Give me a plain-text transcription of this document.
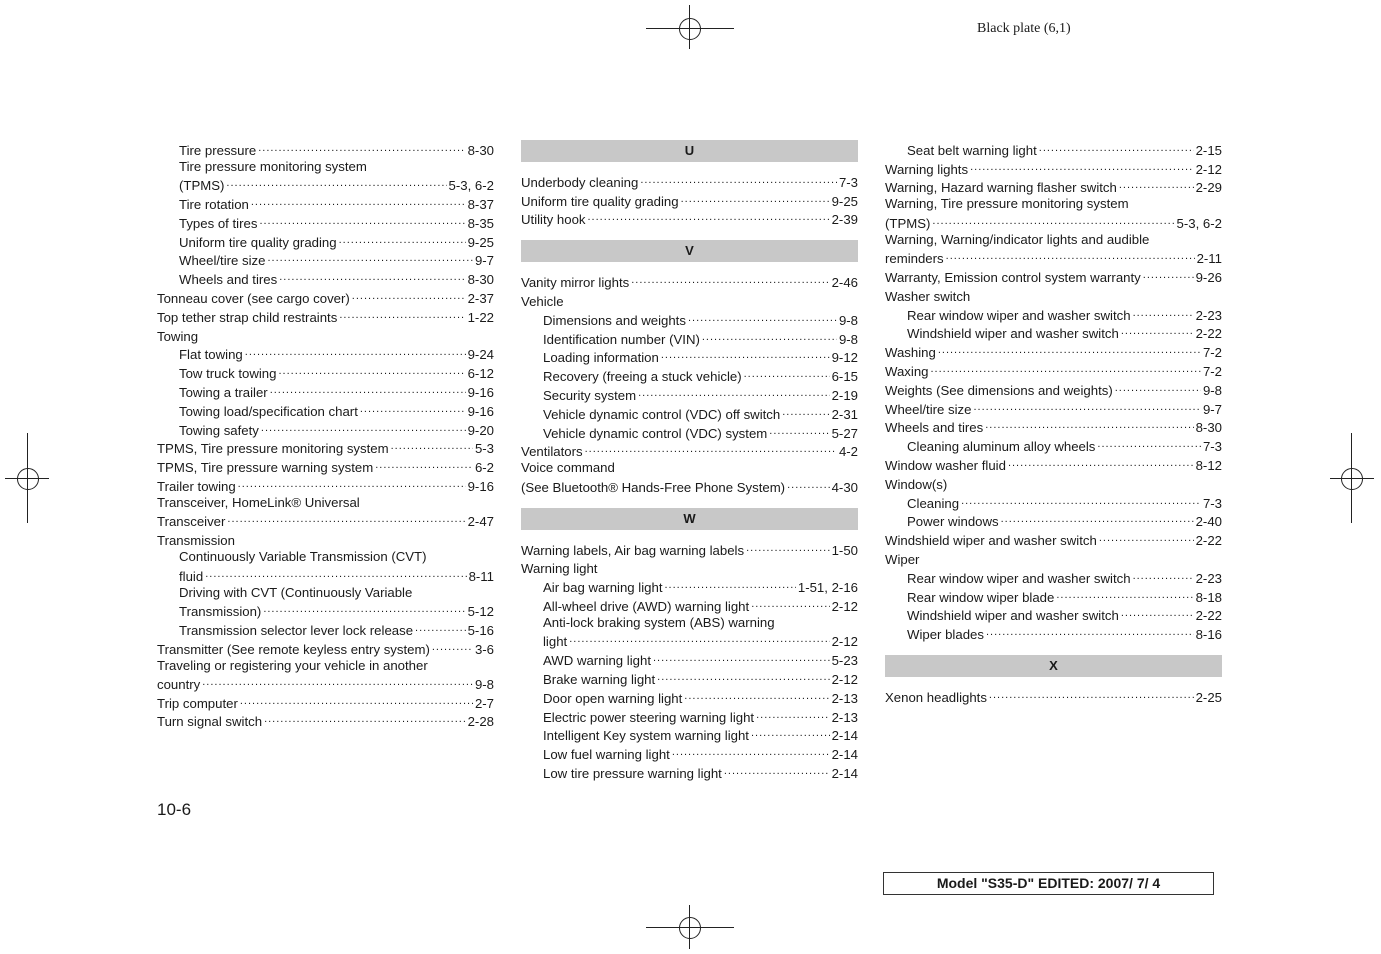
Black plate (6,1)
Tire pressure .....	8-30
Tire pressure monitoring system
(TPMS) .....	5-3, 6-2
Tire rotation .....	8-37
Types of tires .....	8-35
Uniform tire quality grading .....	9-25
Wheel/tire size .....	9-7
Wheels and tires .....	8-30
Tonneau cover (see cargo cover) .....	2-37
Top tether strap child restraints .....	1-22
Towing
Flat towing .....	9-24
Tow truck towing .....	6-12
Towing a trailer .....	9-16
Towing load/specification chart .....	9-16
Towing safety .....	9-20
TPMS, Tire pressure monitoring system .....	5-3
TPMS, Tire pressure warning system .....	6-2
Trailer towing .....	9-16
Transceiver, HomeLink® Universal
Transceiver .....	2-47
Transmission
Continuously Variable Transmission (CVT)
fluid .....	8-11
Driving with CVT (Continuously Variable
Transmission) .....	5-12
Transmission selector lever lock release .....	5-16
Transmitter (See remote keyless entry system) .....	3-6
Traveling or registering your vehicle in another
country .....	9-8
Trip computer .....	2-7
Turn signal switch .....	2-28
U
Underbody cleaning .....	7-3
Uniform tire quality grading .....	9-25
Utility hook .....	2-39
V
Vanity mirror lights .....	2-46
Vehicle
Dimensions and weights .....	9-8
Identification number (VIN) .....	9-8
Loading information .....	9-12
Recovery (freeing a stuck vehicle) .....	6-15
Security system .....	2-19
Vehicle dynamic control (VDC) off switch .....	2-31
Vehicle dynamic control (VDC) system .....	5-27
Ventilators .....	4-2
Voice command
(See Bluetooth® Hands-Free Phone System) .....	4-30
W
Warning labels, Air bag warning labels .....	1-50
Warning light
Air bag warning light .....	1-51, 2-16
All-wheel drive (AWD) warning light .....	2-12
Anti-lock braking system (ABS) warning
light .....	2-12
AWD warning light .....	5-23
Brake warning light .....	2-12
Door open warning light .....	2-13
Electric power steering warning light .....	2-13
Intelligent Key system warning light .....	2-14
Low fuel warning light .....	2-14
Low tire pressure warning light .....	2-14
Seat belt warning light .....	2-15
Warning lights .....	2-12
Warning, Hazard warning flasher switch .....	2-29
Warning, Tire pressure monitoring system
(TPMS) .....	5-3, 6-2
Warning, Warning/indicator lights and audible
reminders .....	2-11
Warranty, Emission control system warranty .....	9-26
Washer switch
Rear window wiper and washer switch .....	2-23
Windshield wiper and washer switch .....	2-22
Washing .....	7-2
Waxing .....	7-2
Weights (See dimensions and weights) .....	9-8
Wheel/tire size .....	9-7
Wheels and tires .....	8-30
Cleaning aluminum alloy wheels .....	7-3
Window washer fluid .....	8-12
Window(s)
Cleaning .....	7-3
Power windows .....	2-40
Windshield wiper and washer switch .....	2-22
Wiper
Rear window wiper and washer switch .....	2-23
Rear window wiper blade .....	8-18
Windshield wiper and washer switch .....	2-22
Wiper blades .....	8-16
X
Xenon headlights .....	2-25
10-6
Model "S35-D" EDITED: 2007/ 7/ 4
